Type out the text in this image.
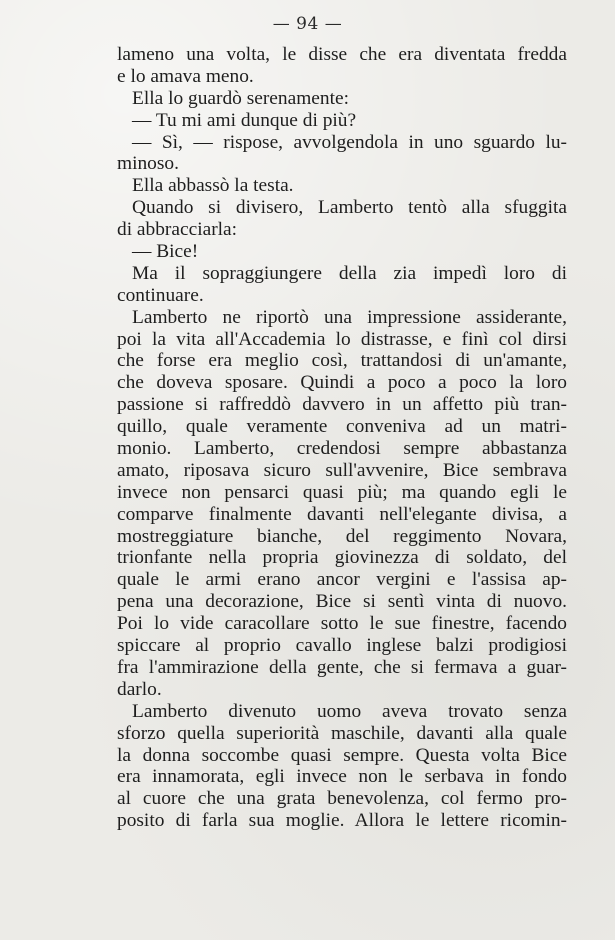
— 94 —
lameno una volta, le disse che era diventata fredda
e lo amava meno.
Ella lo guardò serenamente:
— Tu mi ami dunque di più?
— Sì, — rispose, avvolgendola in uno sguardo lu-
minoso.
Ella abbassò la testa.
Quando si divisero, Lamberto tentò alla sfuggita
di abbracciarla:
— Bice!
Ma il sopraggiungere della zia impedì loro di
continuare.
Lamberto ne riportò una impressione assiderante,
poi la vita all'Accademia lo distrasse, e finì col dirsi
che forse era meglio così, trattandosi di un'amante,
che doveva sposare. Quindi a poco a poco la loro
passione si raffreddò davvero in un affetto più tran-
quillo, quale veramente conveniva ad un matri-
monio. Lamberto, credendosi sempre abbastanza
amato, riposava sicuro sull'avvenire, Bice sembrava
invece non pensarci quasi più; ma quando egli le
comparve finalmente davanti nell'elegante divisa, a
mostreggiature bianche, del reggimento Novara,
trionfante nella propria giovinezza di soldato, del
quale le armi erano ancor vergini e l'assisa ap-
pena una decorazione, Bice si sentì vinta di nuovo.
Poi lo vide caracollare sotto le sue finestre, facendo
spiccare al proprio cavallo inglese balzi prodigiosi
fra l'ammirazione della gente, che si fermava a guar-
darlo.
Lamberto divenuto uomo aveva trovato senza
sforzo quella superiorità maschile, davanti alla quale
la donna soccombe quasi sempre. Questa volta Bice
era innamorata, egli invece non le serbava in fondo
al cuore che una grata benevolenza, col fermo pro-
posito di farla sua moglie. Allora le lettere ricomin-
